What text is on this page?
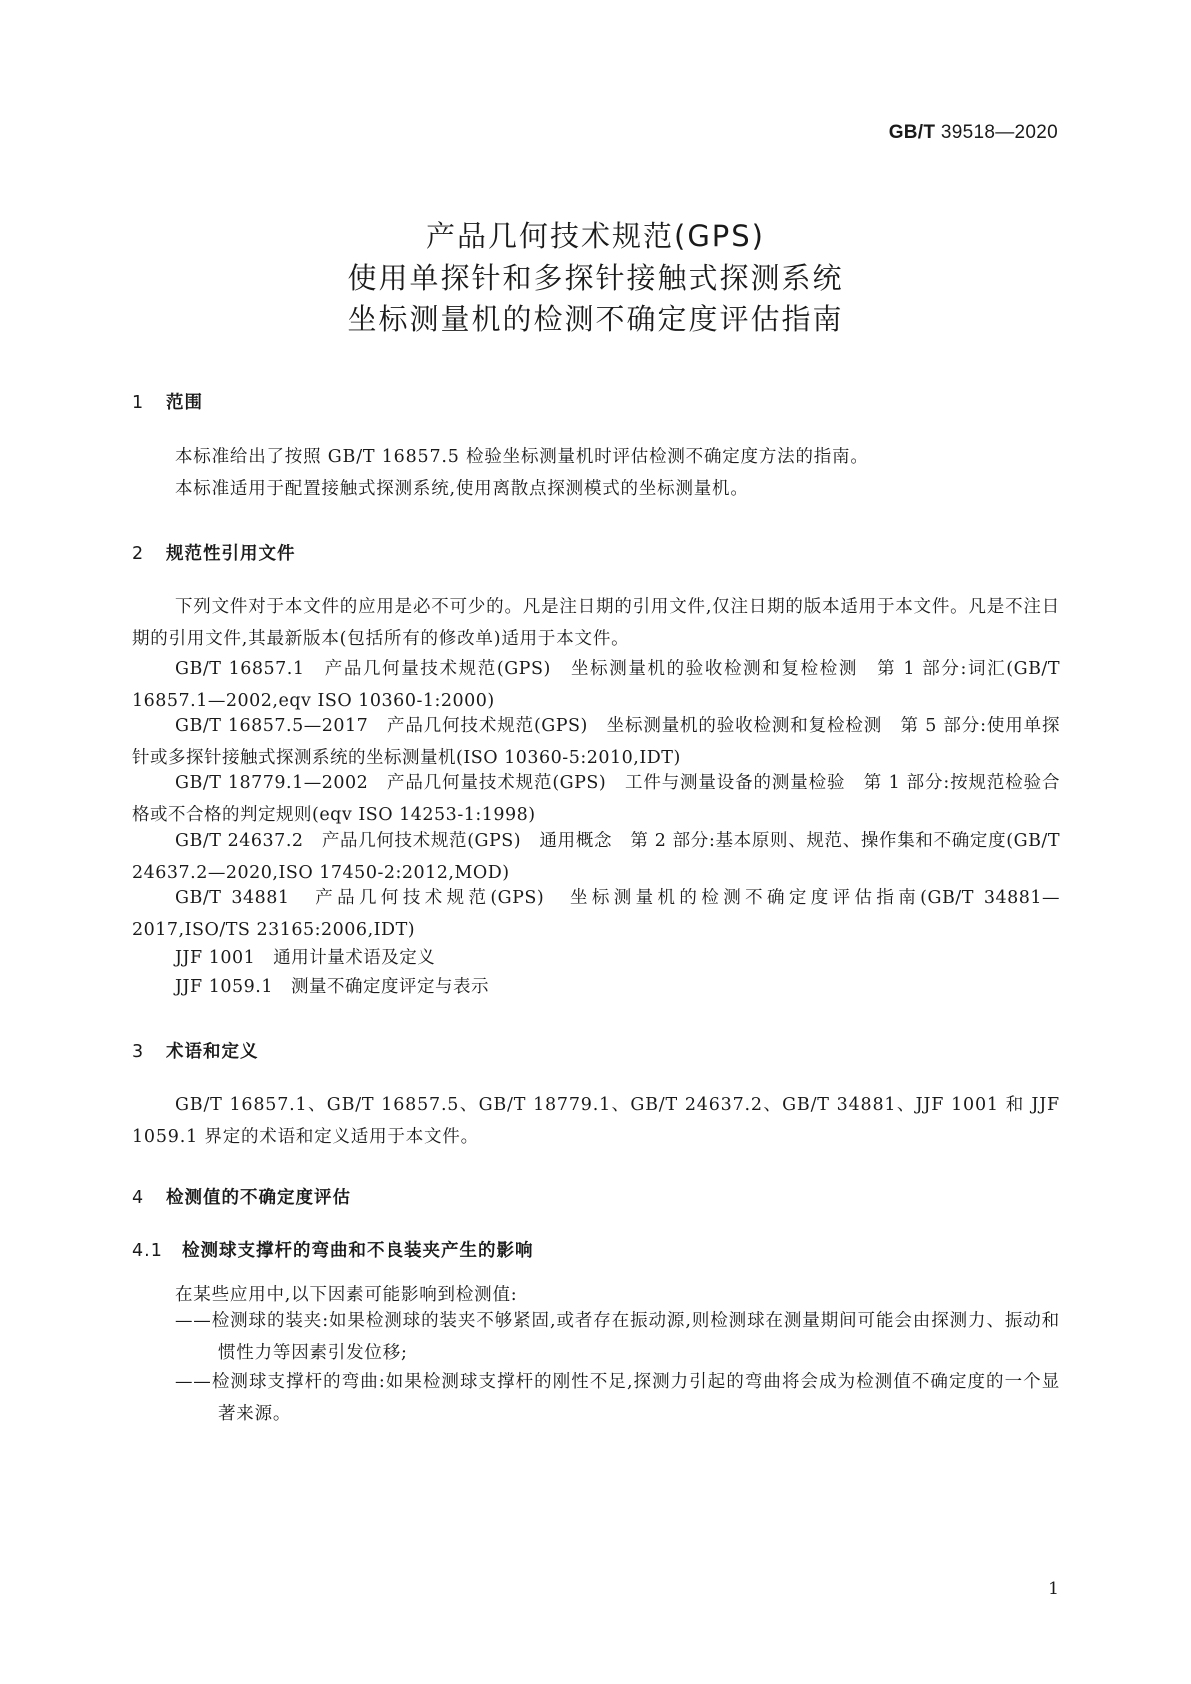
GB/T 39518—2020
产品几何技术规范(GPS)
使用单探针和多探针接触式探测系统
坐标测量机的检测不确定度评估指南
1 范围
本标准给出了按照 GB/T 16857.5 检验坐标测量机时评估检测不确定度方法的指南。
本标准适用于配置接触式探测系统,使用离散点探测模式的坐标测量机。
2 规范性引用文件
下列文件对于本文件的应用是必不可少的。凡是注日期的引用文件,仅注日期的版本适用于本文件。凡是不注日期的引用文件,其最新版本(包括所有的修改单)适用于本文件。
GB/T 16857.1　产品几何量技术规范(GPS)　坐标测量机的验收检测和复检检测　第 1 部分:词汇(GB/T 16857.1—2002,eqv ISO 10360-1:2000)
GB/T 16857.5—2017　产品几何技术规范(GPS)　坐标测量机的验收检测和复检检测　第 5 部分:使用单探针或多探针接触式探测系统的坐标测量机(ISO 10360-5:2010,IDT)
GB/T 18779.1—2002　产品几何量技术规范(GPS)　工件与测量设备的测量检验　第 1 部分:按规范检验合格或不合格的判定规则(eqv ISO 14253-1:1998)
GB/T 24637.2　产品几何技术规范(GPS)　通用概念　第 2 部分:基本原则、规范、操作集和不确定度(GB/T 24637.2—2020,ISO 17450-2:2012,MOD)
GB/T 34881　产品几何技术规范(GPS)　坐标测量机的检测不确定度评估指南(GB/T 34881—2017,ISO/TS 23165:2006,IDT)
JJF 1001　通用计量术语及定义
JJF 1059.1　测量不确定度评定与表示
3 术语和定义
GB/T 16857.1、GB/T 16857.5、GB/T 18779.1、GB/T 24637.2、GB/T 34881、JJF 1001 和 JJF 1059.1 界定的术语和定义适用于本文件。
4 检测值的不确定度评估
4.1 检测球支撑杆的弯曲和不良装夹产生的影响
在某些应用中,以下因素可能影响到检测值:
——检测球的装夹:如果检测球的装夹不够紧固,或者存在振动源,则检测球在测量期间可能会由探测力、振动和惯性力等因素引发位移;
——检测球支撑杆的弯曲:如果检测球支撑杆的刚性不足,探测力引起的弯曲将会成为检测值不确定度的一个显著来源。
1
